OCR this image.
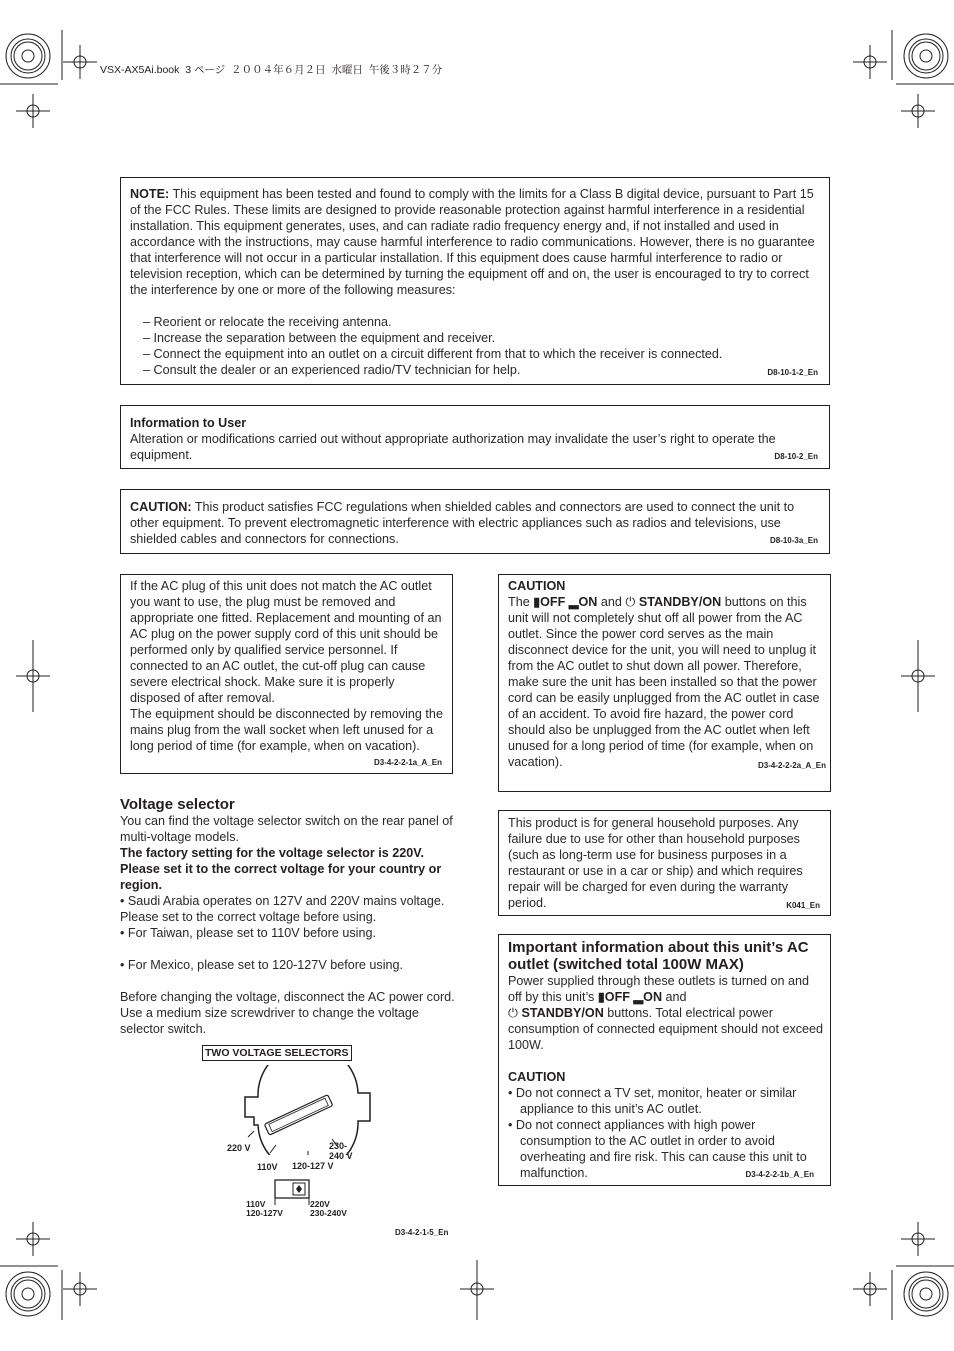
VSX-AX5Ai.book  3 ページ  ２００４年６月２日  水曜日  午後３時２７分
NOTE: This equipment has been tested and found to comply with the limits for a Class B digital device, pursuant to Part 15 of the FCC Rules. These limits are designed to provide reasonable protection against harmful interference in a residential installation. This equipment generates, uses, and can radiate radio frequency energy and, if not installed and used in accordance with the instructions, may cause harmful interference to radio communications. However, there is no guarantee that interference will not occur in a particular installation. If this equipment does cause harmful interference to radio or television reception, which can be determined by turning the equipment off and on, the user is encouraged to try to correct the interference by one or more of the following measures:
– Reorient or relocate the receiving antenna.
– Increase the separation between the equipment and receiver.
– Connect the equipment into an outlet on a circuit different from that to which the receiver is connected.
– Consult the dealer or an experienced radio/TV technician for help.	D8-10-1-2_En
Information to User
Alteration or modifications carried out without appropriate authorization may invalidate the user’s right to operate the equipment.	D8-10-2_En
CAUTION: This product satisfies FCC regulations when shielded cables and connectors are used to connect the unit to other equipment. To prevent electromagnetic interference with electric appliances such as radios and televisions, use shielded cables and connectors for connections.	D8-10-3a_En
If the AC plug of this unit does not match the AC outlet you want to use, the plug must be removed and appropriate one fitted. Replacement and mounting of an AC plug on the power supply cord of this unit should be performed only by qualified service personnel. If connected to an AC outlet, the cut-off plug can cause severe electrical shock. Make sure it is properly disposed of after removal.
The equipment should be disconnected by removing the mains plug from the wall socket when left unused for a long period of time (for example, when on vacation).
D3-4-2-2-1a_A_En
CAUTION
The ▮OFF ▂ON and ⏻ STANDBY/ON buttons on this unit will not completely shut off all power from the AC outlet. Since the power cord serves as the main disconnect device for the unit, you will need to unplug it from the AC outlet to shut down all power. Therefore, make sure the unit has been installed so that the power cord can be easily unplugged from the AC outlet in case of an accident. To avoid fire hazard, the power cord should also be unplugged from the AC outlet when left unused for a long period of time (for example, when on vacation).	D3-4-2-2-2a_A_En
Voltage selector
You can find the voltage selector switch on the rear panel of multi-voltage models.
The factory setting for the voltage selector is 220V. Please set it to the correct voltage for your country or region.
• Saudi Arabia operates on 127V and 220V mains voltage. Please set to the correct voltage before using.
• For Taiwan, please set to 110V before using.
• For Mexico, please set to 120-127V before using.
Before changing the voltage, disconnect the AC power cord. Use a medium size screwdriver to change the voltage selector switch.
TWO VOLTAGE SELECTORS
220 V
110V 120-127 V
230-
240 V
110V
120-127V
220V
230-240V
D3-4-2-1-5_En
This product is for general household purposes. Any failure due to use for other than household purposes (such as long-term use for business purposes in a restaurant or use in a car or ship) and which requires repair will be charged for even during the warranty period.	K041_En
Important information about this unit’s AC outlet (switched total 100W MAX)
Power supplied through these outlets is turned on and off by this unit’s ▮OFF ▂ON and
⏻ STANDBY/ON buttons. Total electrical power consumption of connected equipment should not exceed 100W.
CAUTION
• Do not connect a TV set, monitor, heater or similar appliance to this unit’s AC outlet.
• Do not connect appliances with high power consumption to the AC outlet in order to avoid overheating and fire risk. This can cause this unit to malfunction.	D3-4-2-2-1b_A_En
